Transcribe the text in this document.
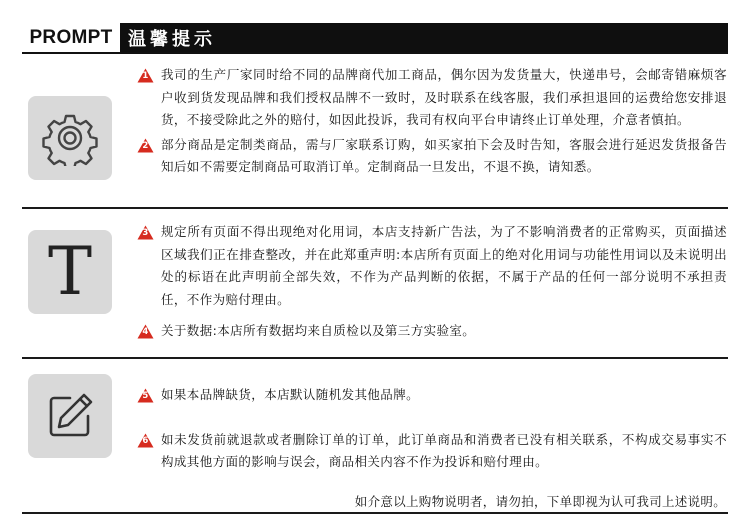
PROMPT 温馨提示
1 我司的生产厂家同时给不同的品牌商代加工商品，偶尔因为发货量大，快递串号，会邮寄错麻烦客户收到货发现品牌和我们授权品牌不一致时，及时联系在线客服，我们承担退回的运费给您安排退货，不接受除此之外的赔付，如因此投诉，我司有权向平台申请终止订单处理，介意者慎拍。
2 部分商品是定制类商品，需与厂家联系订购，如买家拍下会及时告知，客服会进行延迟发货报备告知后如不需要定制商品可取消订单。定制商品一旦发出，不退不换，请知悉。
T	3 规定所有页面不得出现绝对化用词，本店支持新广告法，为了不影响消费者的正常购买，页面描述区域我们正在排查整改，并在此郑重声明:本店所有页面上的绝对化用词与功能性用词以及未说明出处的标语在此声明前全部失效，不作为产品判断的依据，不属于产品的任何一部分说明不承担责任，不作为赔付理由。
4 关于数据:本店所有数据均来自质检以及第三方实验室。
5 如果本品牌缺货，本店默认随机发其他品牌。
6 如未发货前就退款或者删除订单的订单，此订单商品和消费者已没有相关联系，不构成交易事实不构成其他方面的影响与误会，商品相关内容不作为投诉和赔付理由。
如介意以上购物说明者，请勿拍，下单即视为认可我司上述说明。
